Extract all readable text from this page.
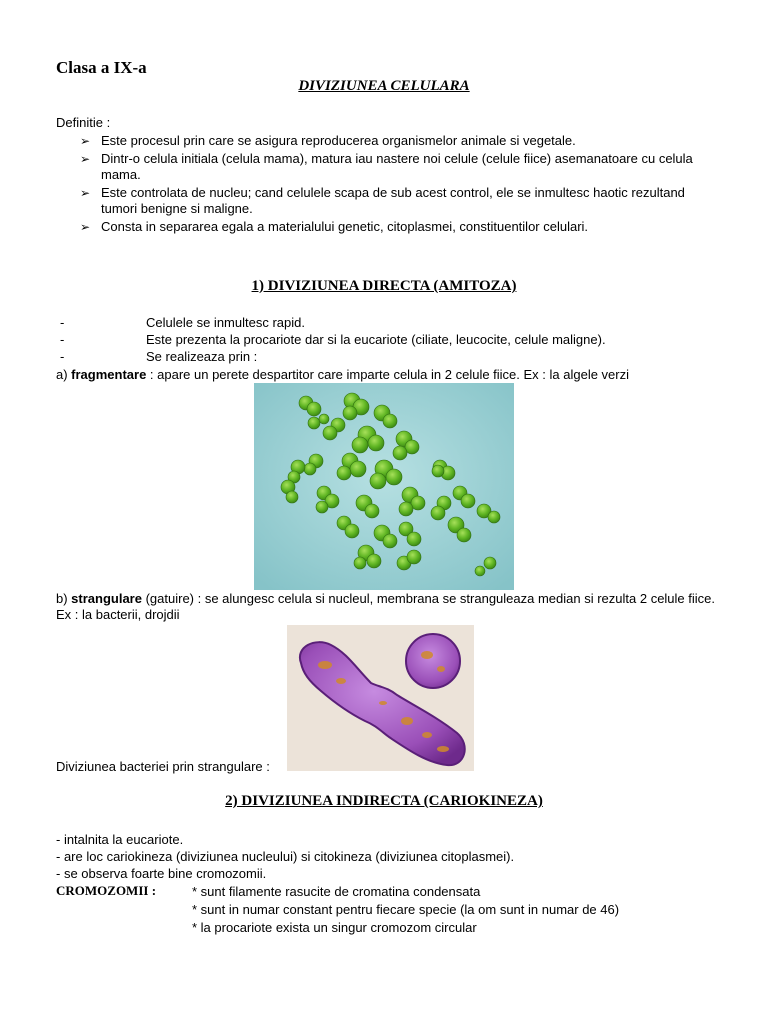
Clasa a IX-a
DIVIZIUNEA CELULARA
Definitie :
➢ Este procesul prin care se asigura reproducerea organismelor animale si vegetale.
➢ Dintr-o celula initiala (celula mama), matura iau nastere noi celule (celule fiice) asemanatoare cu celula mama.
➢ Este controlata de nucleu; cand celulele scapa de sub acest control, ele se inmultesc haotic rezultand tumori benigne si maligne.
➢ Consta in separarea egala a materialului genetic, citoplasmei, constituentilor celulari.
1) DIVIZIUNEA DIRECTA (AMITOZA)
-	Celulele se inmultesc rapid.
-	Este prezenta la procariote dar si la eucariote (ciliate, leucocite, celule maligne).
-	Se realizeaza prin :
a) fragmentare : apare un perete despartitor care imparte celula in 2 celule fiice. Ex : la algele verzi
b) strangulare (gatuire) : se alungesc celula si nucleul, membrana se stranguleaza median si rezulta 2 celule fiice. Ex : la bacterii, drojdii
Diviziunea bacteriei prin strangulare :
2) DIVIZIUNEA INDIRECTA (CARIOKINEZA)
- intalnita la eucariote.
- are loc cariokineza (diviziunea nucleului) si citokineza (diviziunea citoplasmei).
- se observa foarte bine cromozomii.
CROMOZOMII :	* sunt filamente rasucite de cromatina condensata
* sunt in numar constant pentru fiecare specie (la om sunt in numar de 46)
* la procariote exista un singur cromozom circular
